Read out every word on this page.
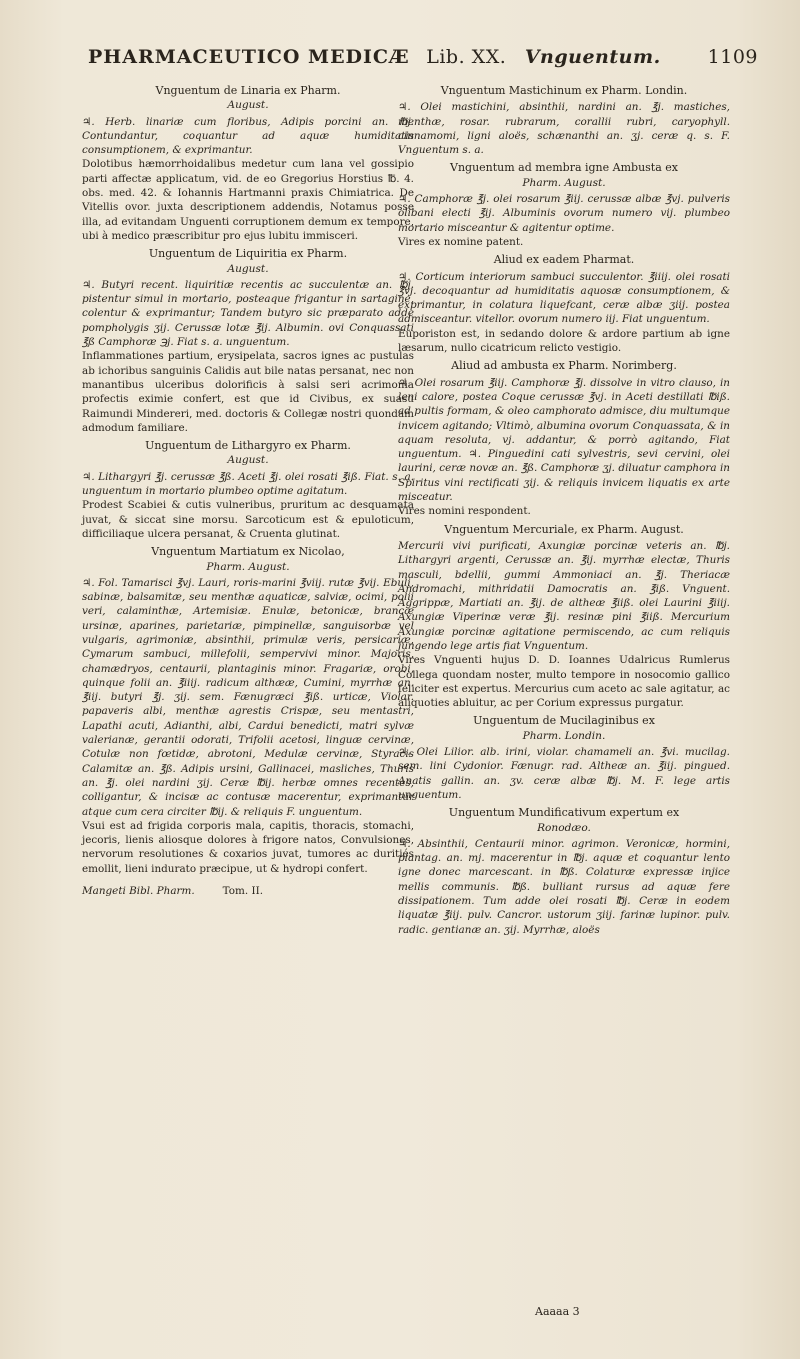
PHARMACEUTICO MEDICÆ Lib. XX. Vnguentum. 1109

Vnguentum de Linaria ex Pharm.

August.

♃. Herb. linariæ cum floribus, Adipis porcini an. ℔j. Contundantur, coquantur ad aquæ humiditatis consumptionem, & exprimantur.

Dolotibus hæmorrhoidalibus medetur cum lana vel gossipio parti affectæ applicatum, vid. de eo Gregorius Horstius ℔. 4. obs. med. 42. & Iohannis Hartmanni praxis Chimiatrica. De Vitellis ovor. juxta descriptionem addendis, Notamus posse illa, ad evitandam Unguenti corruptionem demum ex tempore, ubi à medico præscribitur pro ejus lubitu immisceri.

Unguentum de Liquiritia ex Pharm.

August.

♃. Butyri recent. liquiritiæ recentis ac succulentæ an. ℔j. pistentur simul in mortario, posteaque frigantur in sartagine, colentur & exprimantur; Tandem butyro sic præparato adde pompholygis ʒij. Cerussæ lotæ ℥ij. Albumin. ovi Conquassati ℥ß Camphoræ ℈j. Fiat s. a. unguentum.

Inflammationes partium, erysipelata, sacros ignes ac pustulas ab ichoribus sanguinis Calidis aut bile natas persanat, nec non manantibus ulceribus dolorificis à salsi seri acrimonia profectis eximie confert, est que id Civibus, ex suasu Raimundi Mindereri, med. doctoris & Collegæ nostri quondam admodum familiare.

Unguentum de Lithargyro ex Pharm.

August.

♃. Lithargyri ℥j. cerussæ ℥ß. Aceti ℥j. olei rosati ℥iß. Fiat. s. a. unguentum in mortario plumbeo optime agitatum.

Prodest Scabiei & cutis vulneribus, pruritum ac desquamata juvat, & siccat sine morsu. Sarcoticum est & epuloticum, difficiliaque ulcera persanat, & Cruenta glutinat.

Vnguentum Martiatum ex Nicolao,

Pharm. August.

♃. Fol. Tamarisci ℥vj. Lauri, roris-marini ℥viij. rutæ ℥vij. Ebuli, sabinæ, balsamitæ, seu menthæ aquaticæ, salviæ, ocimi, polii veri, calaminthæ, Artemisiæ. Enulæ, betonicæ, brancæ ursinæ, aparines, parietariæ, pimpinellæ, sanguisorbæ vel vulgaris, agrimoniæ, absinthii, primulæ veris, persicariæ, Cymarum sambuci, millefolii, sempervivi minor. Majoris, chamædryos, centaurii, plantaginis minor. Fragariæ, orobi, quinque folii an. ℥iiij. radicum althææ, Cumini, myrrhæ an. ℥iij. butyri ℥j. ʒij. sem. Fænugræci ℥iß. urticæ, Violar. papaveris albi, menthæ agrestis Crispæ, seu mentastri, Lapathi acuti, Adianthi, albi, Cardui benedicti, matri sylvæ valerianæ, gerantii odorati, Trifolii acetosi, linguæ cervinæ, Cotulæ non fœtidæ, abrotoni, Medulæ cervinæ, Styracis Calamitæ an. ℥ß. Adipis ursini, Gallinacei, masliches, Thuris an. ℥j. olei nardini ʒij. Ceræ ℔ij. herbæ omnes recentes, colligantur, & incisæ ac contusæ macerentur, exprimantur atque cum cera circiter ℔ij. & reliquis F. unguentum.

Vsui est ad frigida corporis mala, capitis, thoracis, stomachi, jecoris, lienis aliosque dolores à frigore natos, Convulsiones, nervorum resolutiones & coxarios juvat, tumores ac duritiés emollit, lieni indurato præcipue, ut & hydropi confert.

Mangeti Bibl. Pharm.	Tom. II.

Vnguentum Mastichinum ex Pharm. Londin.

♃. Olei mastichini, absinthii, nardini an. ℥j. mastiches, menthæ, rosar. rubrarum, corallii rubri, caryophyll. cinnamomi, ligni aloës, schænanthi an. ʒj. ceræ q. s. F. Vnguentum s. a.

Vnguentum ad membra igne Ambusta ex

Pharm. August.

♃. Camphoræ ℥j. olei rosarum ℥iij. cerussæ albæ ℥vj. pulveris olibani electi ℥ij. Albuminis ovorum numero vij. plumbeo mortario misceantur & agitentur optime.

Vires ex nomine patent.

Aliud ex eadem Pharmat.

♃. Corticum interiorum sambuci succulentor. ℥iiij. olei rosati ℥vj. decoquantur ad humiditatis aquosæ consumptionem, & exprimantur, in colatura liquefcant, ceræ albæ ʒiij. postea admisceantur. vitellor. ovorum numero iij. Fiat unguentum.

Euporiston est, in sedando dolore & ardore partium ab igne læsarum, nullo cicatricum relicto vestigio.

Aliud ad ambusta ex Pharm. Norimberg.

♃. Olei rosarum ℥iij. Camphoræ ℥j. dissolve in vitro clauso, in leni calore, postea Coque cerussæ ℥vj. in Aceti destillati ℔iß. ad pultis formam, & oleo camphorato admisce, diu multumque invicem agitando; Vltimò, albumina ovorum Conquassata, & in aquam resoluta, vj. addantur, & porrò agitando, Fiat unguentum. ♃. Pinguedini cati sylvestris, sevi cervini, olei laurini, ceræ novæ an. ℥ß. Camphoræ ʒj. diluatur camphora in Spiritus vini rectificati ʒij. & reliquis invicem liquatis ex arte misceatur.

Vires nomini respondent.

Vnguentum Mercuriale, ex Pharm. August.

Mercurii vivi purificati, Axungiæ porcinæ veteris an. ℔j. Lithargyri argenti, Cerussæ an. ℥ij. myrrhæ electæ, Thuris masculi, bdellii, gummi Ammoniaci an. ℥j. Theriacæ Andromachi, mithridatii Damocratis an. ℥iß. Vnguent. Aggrippæ, Martiati an. ℥ij. de altheæ ℥iiß. olei Laurini ℥iiij. Axungiæ Viperinæ veræ ℥ij. resinæ pini ℥iiß. Mercurium Axungiæ porcinæ agitatione permiscendo, ac cum reliquis jungendo lege artis fiat Vnguentum.

Vires Vnguenti hujus D. D. Ioannes Udalricus Rumlerus Collega quondam noster, multo tempore in nosocomio gallico feliciter est expertus. Mercurius cum aceto ac sale agitatur, ac aliquoties abluitur, ac per Corium expressus purgatur.

Unguentum de Mucilaginibus ex

Pharm. Londin.

♃. Olei Lilior. alb. irini, violar. chamameli an. ℥vi. mucilag. sem. lini Cydonior. Fænugr. rad. Altheæ an. ℥iij. pingued. Anatis gallin. an. ʒv. ceræ albæ ℔j. M. F. lege artis unguentum.

Unguentum Mundificativum expertum ex

Ronodæo.

♃. Absinthii, Centaurii minor. agrimon. Veronicæ, hormini, plantag. an. mj. macerentur in ℔j. aquæ et coquantur lento igne donec marcescant. in ℔ß. Colaturæ expressæ injice mellis communis. ℔ß. bulliant rursus ad aquæ fere dissipationem. Tum adde olei rosati ℔j. Ceræ in eodem liquatæ ℥iij. pulv. Cancror. ustorum ʒiij. farinæ lupinor. pulv. radic. gentianæ an. ʒij. Myrrhæ, aloës

Aaaaa 3
